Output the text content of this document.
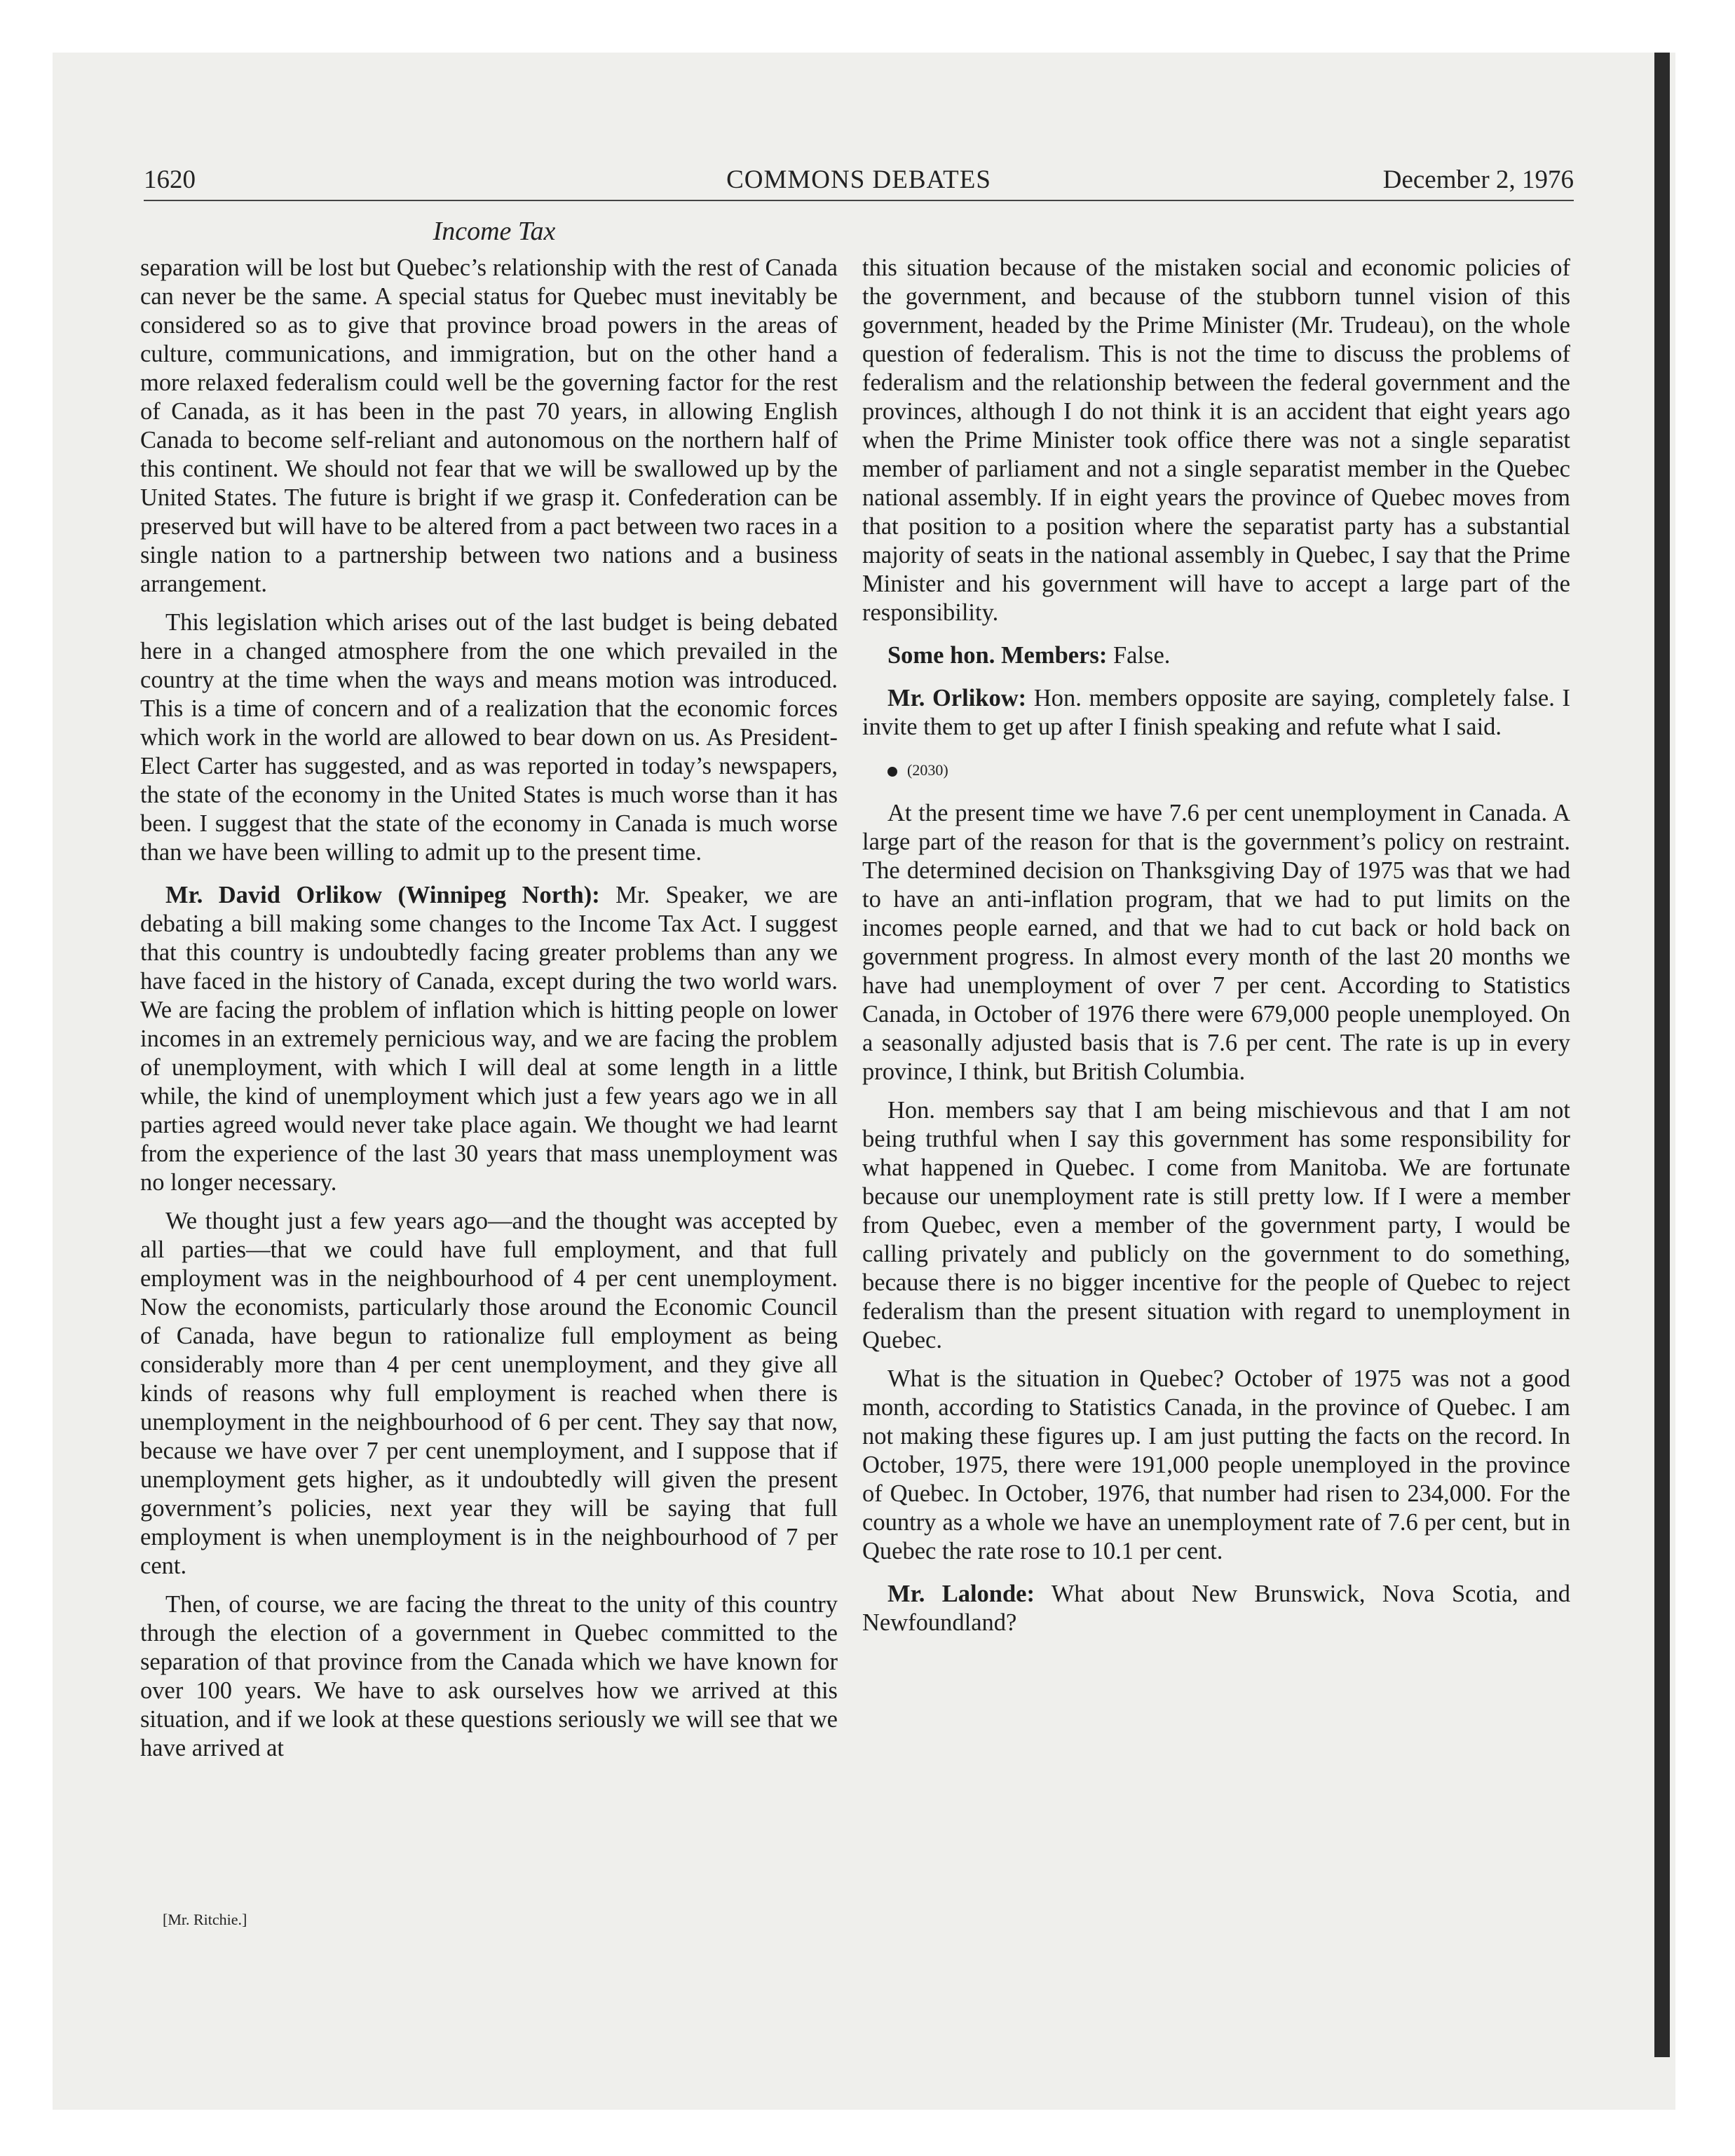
1620	COMMONS DEBATES	December 2, 1976
Income Tax

separation will be lost but Quebec’s relationship with the rest of Canada can never be the same. A special status for Quebec must inevitably be considered so as to give that province broad powers in the areas of culture, communications, and immigration, but on the other hand a more relaxed federalism could well be the governing factor for the rest of Canada, as it has been in the past 70 years, in allowing English Canada to become self-reliant and autonomous on the northern half of this continent. We should not fear that we will be swallowed up by the United States. The future is bright if we grasp it. Confederation can be preserved but will have to be altered from a pact between two races in a single nation to a partnership between two nations and a business arrangement.

This legislation which arises out of the last budget is being debated here in a changed atmosphere from the one which prevailed in the country at the time when the ways and means motion was introduced. This is a time of concern and of a realization that the economic forces which work in the world are allowed to bear down on us. As President-Elect Carter has suggested, and as was reported in today’s newspapers, the state of the economy in the United States is much worse than it has been. I suggest that the state of the economy in Canada is much worse than we have been willing to admit up to the present time.

Mr. David Orlikow (Winnipeg North): Mr. Speaker, we are debating a bill making some changes to the Income Tax Act. I suggest that this country is undoubtedly facing greater problems than any we have faced in the history of Canada, except during the two world wars. We are facing the problem of inflation which is hitting people on lower incomes in an extremely pernicious way, and we are facing the problem of unemployment, with which I will deal at some length in a little while, the kind of unemployment which just a few years ago we in all parties agreed would never take place again. We thought we had learnt from the experience of the last 30 years that mass unemployment was no longer necessary.

We thought just a few years ago—and the thought was accepted by all parties—that we could have full employment, and that full employment was in the neighbourhood of 4 per cent unemployment. Now the economists, particularly those around the Economic Council of Canada, have begun to rationalize full employment as being considerably more than 4 per cent unemployment, and they give all kinds of reasons why full employment is reached when there is unemployment in the neighbourhood of 6 per cent. They say that now, because we have over 7 per cent unemployment, and I suppose that if unemployment gets higher, as it undoubtedly will given the present government’s policies, next year they will be saying that full employment is when unemployment is in the neighbourhood of 7 per cent.

Then, of course, we are facing the threat to the unity of this country through the election of a government in Quebec committed to the separation of that province from the Canada which we have known for over 100 years. We have to ask ourselves how we arrived at this situation, and if we look at these questions seriously we will see that we have arrived at

[Mr. Ritchie.]

this situation because of the mistaken social and economic policies of the government, and because of the stubborn tunnel vision of this government, headed by the Prime Minister (Mr. Trudeau), on the whole question of federalism. This is not the time to discuss the problems of federalism and the relationship between the federal government and the provinces, although I do not think it is an accident that eight years ago when the Prime Minister took office there was not a single separatist member of parliament and not a single separatist member in the Quebec national assembly. If in eight years the province of Quebec moves from that position to a position where the separatist party has a substantial majority of seats in the national assembly in Quebec, I say that the Prime Minister and his government will have to accept a large part of the responsibility.

Some hon. Members: False.

Mr. Orlikow: Hon. members opposite are saying, completely false. I invite them to get up after I finish speaking and refute what I said.

(2030)

At the present time we have 7.6 per cent unemployment in Canada. A large part of the reason for that is the government’s policy on restraint. The determined decision on Thanksgiving Day of 1975 was that we had to have an anti-inflation program, that we had to put limits on the incomes people earned, and that we had to cut back or hold back on government progress. In almost every month of the last 20 months we have had unemployment of over 7 per cent. According to Statistics Canada, in October of 1976 there were 679,000 people unemployed. On a seasonally adjusted basis that is 7.6 per cent. The rate is up in every province, I think, but British Columbia.

Hon. members say that I am being mischievous and that I am not being truthful when I say this government has some responsibility for what happened in Quebec. I come from Manitoba. We are fortunate because our unemployment rate is still pretty low. If I were a member from Quebec, even a member of the government party, I would be calling privately and publicly on the government to do something, because there is no bigger incentive for the people of Quebec to reject federalism than the present situation with regard to unemployment in Quebec.

What is the situation in Quebec? October of 1975 was not a good month, according to Statistics Canada, in the province of Quebec. I am not making these figures up. I am just putting the facts on the record. In October, 1975, there were 191,000 people unemployed in the province of Quebec. In October, 1976, that number had risen to 234,000. For the country as a whole we have an unemployment rate of 7.6 per cent, but in Quebec the rate rose to 10.1 per cent.

Mr. Lalonde: What about New Brunswick, Nova Scotia, and Newfoundland?
